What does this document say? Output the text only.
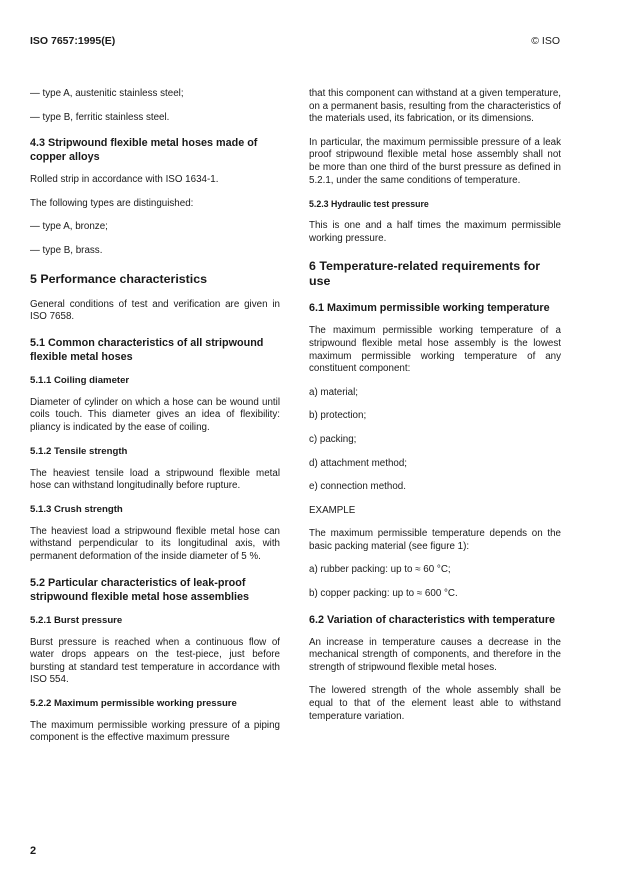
ISO 7657:1995(E)	© ISO
— type A, austenitic stainless steel;
— type B, ferritic stainless steel.
4.3 Stripwound flexible metal hoses made of copper alloys
Rolled strip in accordance with ISO 1634-1.
The following types are distinguished:
— type A, bronze;
— type B, brass.
5 Performance characteristics
General conditions of test and verification are given in ISO 7658.
5.1 Common characteristics of all stripwound flexible metal hoses
5.1.1 Coiling diameter
Diameter of cylinder on which a hose can be wound until coils touch. This diameter gives an idea of flexibility: pliancy is indicated by the ease of coiling.
5.1.2 Tensile strength
The heaviest tensile load a stripwound flexible metal hose can withstand longitudinally before rupture.
5.1.3 Crush strength
The heaviest load a stripwound flexible metal hose can withstand perpendicular to its longitudinal axis, with permanent deformation of the inside diameter of 5 %.
5.2 Particular characteristics of leak-proof stripwound flexible metal hose assemblies
5.2.1 Burst pressure
Burst pressure is reached when a continuous flow of water drops appears on the test-piece, just before bursting at standard test temperature in accordance with ISO 554.
5.2.2 Maximum permissible working pressure
The maximum permissible working pressure of a piping component is the effective maximum pressure
that this component can withstand at a given temperature, on a permanent basis, resulting from the characteristics of the materials used, its fabrication, or its dimensions.
In particular, the maximum permissible pressure of a leak proof stripwound flexible metal hose assembly shall not be more than one third of the burst pressure as defined in 5.2.1, under the same conditions of temperature.
5.2.3 Hydraulic test pressure
This is one and a half times the maximum permissible working pressure.
6 Temperature-related requirements for use
6.1 Maximum permissible working temperature
The maximum permissible working temperature of a stripwound flexible metal hose assembly is the lowest maximum permissible working temperature of any constituent component:
a) material;
b) protection;
c) packing;
d) attachment method;
e) connection method.
EXAMPLE
The maximum permissible temperature depends on the basic packing material (see figure 1):
a) rubber packing: up to ≈ 60 °C;
b) copper packing: up to ≈ 600 °C.
6.2 Variation of characteristics with temperature
An increase in temperature causes a decrease in the mechanical strength of components, and therefore in the strength of stripwound flexible metal hoses.
The lowered strength of the whole assembly shall be equal to that of the element least able to withstand temperature variation.
2
